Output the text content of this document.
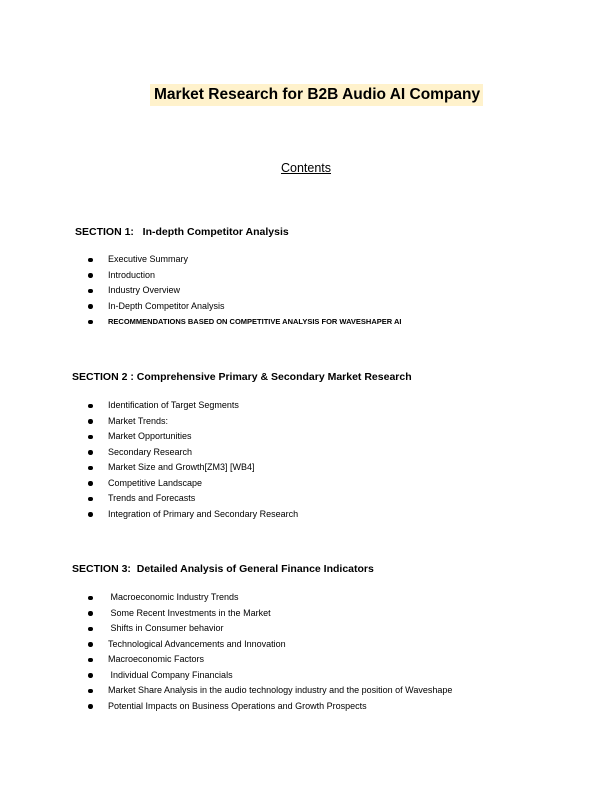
Market Research for B2B Audio AI Company
Contents
SECTION 1:   In-depth Competitor Analysis
Executive Summary
Introduction
Industry Overview
In-Depth Competitor Analysis
RECOMMENDATIONS BASED ON COMPETITIVE ANALYSIS FOR WAVESHAPER AI
SECTION 2 : Comprehensive Primary & Secondary Market Research
Identification of Target Segments
Market Trends:
Market Opportunities
Secondary Research
Market Size and Growth[ZM3] [WB4]
Competitive Landscape
Trends and Forecasts
Integration of Primary and Secondary Research
SECTION 3:  Detailed Analysis of General Finance Indicators
Macroeconomic Industry Trends
Some Recent Investments in the Market
Shifts in Consumer behavior
Technological Advancements and Innovation
Macroeconomic Factors
Individual Company Financials
Market Share Analysis in the audio technology industry and the position of Waveshape
Potential Impacts on Business Operations and Growth Prospects
